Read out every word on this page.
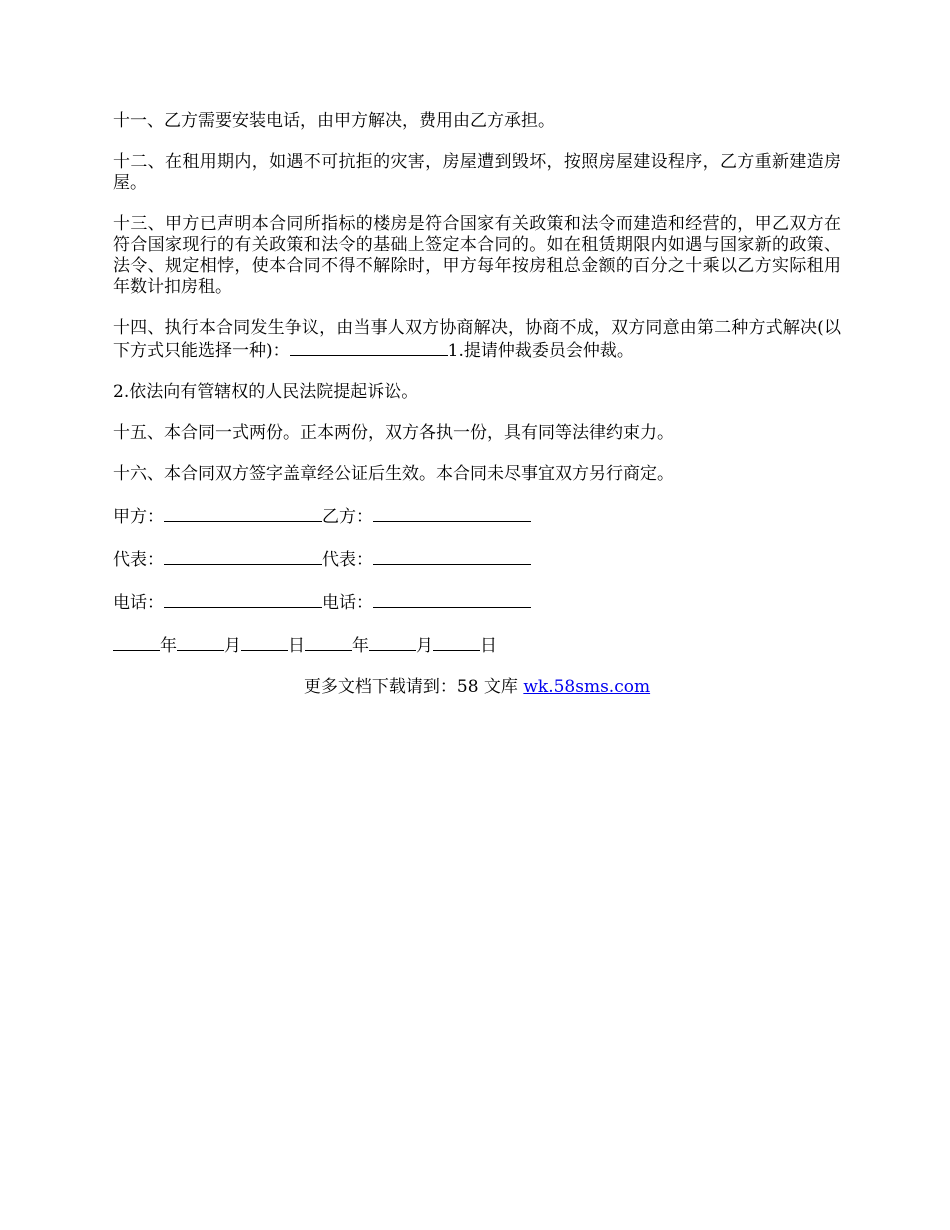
十一、乙方需要安装电话，由甲方解决，费用由乙方承担。

十二、在租用期内，如遇不可抗拒的灾害，房屋遭到毁坏，按照房屋建设程序，乙方重新建造房屋。

十三、甲方已声明本合同所指标的楼房是符合国家有关政策和法令而建造和经营的，甲乙双方在符合国家现行的有关政策和法令的基础上签定本合同的。如在租赁期限内如遇与国家新的政策、法令、规定相悖，使本合同不得不解除时，甲方每年按房租总金额的百分之十乘以乙方实际租用年数计扣房租。

十四、执行本合同发生争议，由当事人双方协商解决，协商不成，双方同意由第二种方式解决(以下方式只能选择一种)：	1.提请仲裁委员会仲裁。

2.依法向有管辖权的人民法院提起诉讼。

十五、本合同一式两份。正本两份，双方各执一份，具有同等法律约束力。

十六、本合同双方签字盖章经公证后生效。本合同未尽事宜双方另行商定。

甲方：	乙方：
代表：	代表：
电话：	电话：
年	月	日	年	月	日

更多文档下载请到：58 文库 wk.58sms.com
